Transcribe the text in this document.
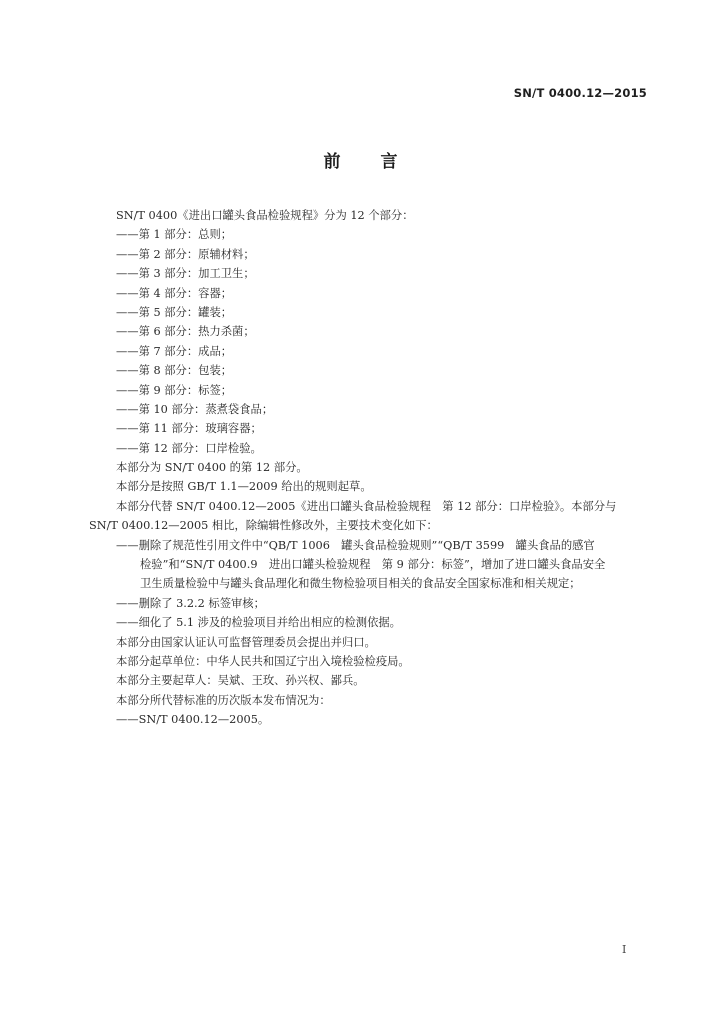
SN/T 0400.12—2015
前 言
SN/T 0400《进出口罐头食品检验规程》分为 12 个部分：
——第 1 部分：总则；
——第 2 部分：原辅材料；
——第 3 部分：加工卫生；
——第 4 部分：容器；
——第 5 部分：罐装；
——第 6 部分：热力杀菌；
——第 7 部分：成品；
——第 8 部分：包装；
——第 9 部分：标签；
——第 10 部分：蒸煮袋食品；
——第 11 部分：玻璃容器；
——第 12 部分：口岸检验。
本部分为 SN/T 0400 的第 12 部分。
本部分是按照 GB/T 1.1—2009 给出的规则起草。
本部分代替 SN/T 0400.12—2005《进出口罐头食品检验规程　第 12 部分：口岸检验》。本部分与
SN/T 0400.12—2005 相比，除编辑性修改外，主要技术变化如下：
——删除了规范性引用文件中“QB/T 1006　罐头食品检验规则”“QB/T 3599　罐头食品的感官
检验”和“SN/T 0400.9　进出口罐头检验规程　第 9 部分：标签”，增加了进口罐头食品安全
卫生质量检验中与罐头食品理化和微生物检验项目相关的食品安全国家标准和相关规定；
——删除了 3.2.2 标签审核；
——细化了 5.1 涉及的检验项目并给出相应的检测依据。
本部分由国家认证认可监督管理委员会提出并归口。
本部分起草单位：中华人民共和国辽宁出入境检验检疫局。
本部分主要起草人：吴斌、王玫、孙兴权、鄙兵。
本部分所代替标准的历次版本发布情况为：
——SN/T 0400.12—2005。
I
